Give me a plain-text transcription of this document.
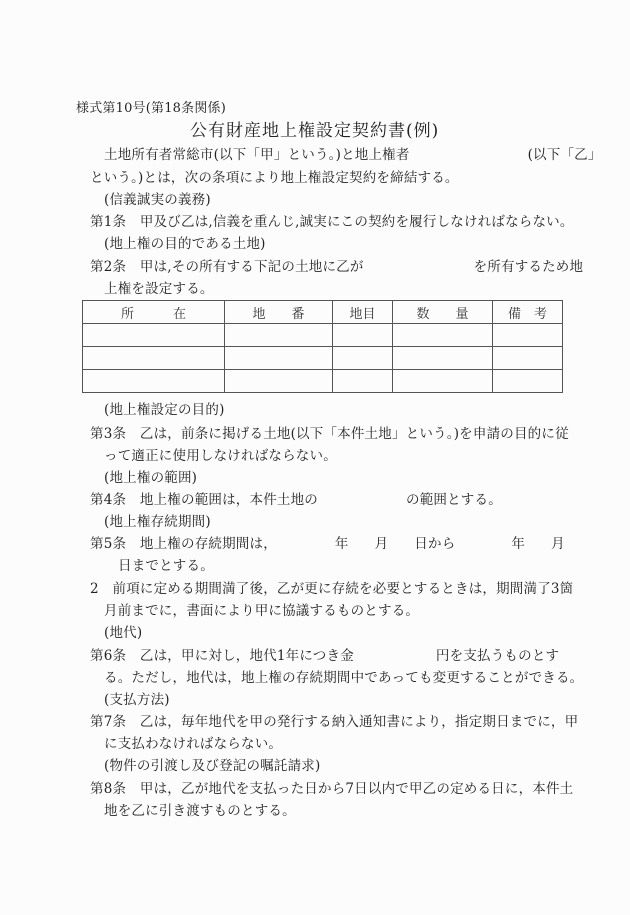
様式第10号(第18条関係)
公有財産地上権設定契約書(例)
土地所有者常総市(以下「甲」という。)と地上権者	(以下「乙」
という。)とは，次の条項により地上権設定契約を締結する。
(信義誠実の義務)
第1条　甲及び乙は,信義を重んじ,誠実にこの契約を履行しなければならない。
(地上権の目的である土地)
第2条　甲は,その所有する下記の土地に乙が	を所有するため地
上権を設定する。
所　　　在	地　　番	地目	数　　量	備　考

(地上権設定の目的)
第3条　乙は，前条に掲げる土地(以下「本件土地」という。)を申請の目的に従
って適正に使用しなければならない。
(地上権の範囲)
第4条　地上権の範囲は，本件土地の	の範囲とする。
(地上権存続期間)
第5条　地上権の存続期間は，	年 月 日から	年 月
日までとする。
2　前項に定める期間満了後，乙が更に存続を必要とするときは，期間満了3箇
月前までに，書面により甲に協議するものとする。
(地代)
第6条　乙は，甲に対し，地代1年につき金	円を支払うものとす
る。ただし，地代は，地上権の存続期間中であっても変更することができる。
(支払方法)
第7条　乙は，毎年地代を甲の発行する納入通知書により，指定期日までに，甲
に支払わなければならない。
(物件の引渡し及び登記の嘱託請求)
第8条　甲は，乙が地代を支払った日から7日以内で甲乙の定める日に，本件土
地を乙に引き渡すものとする。
